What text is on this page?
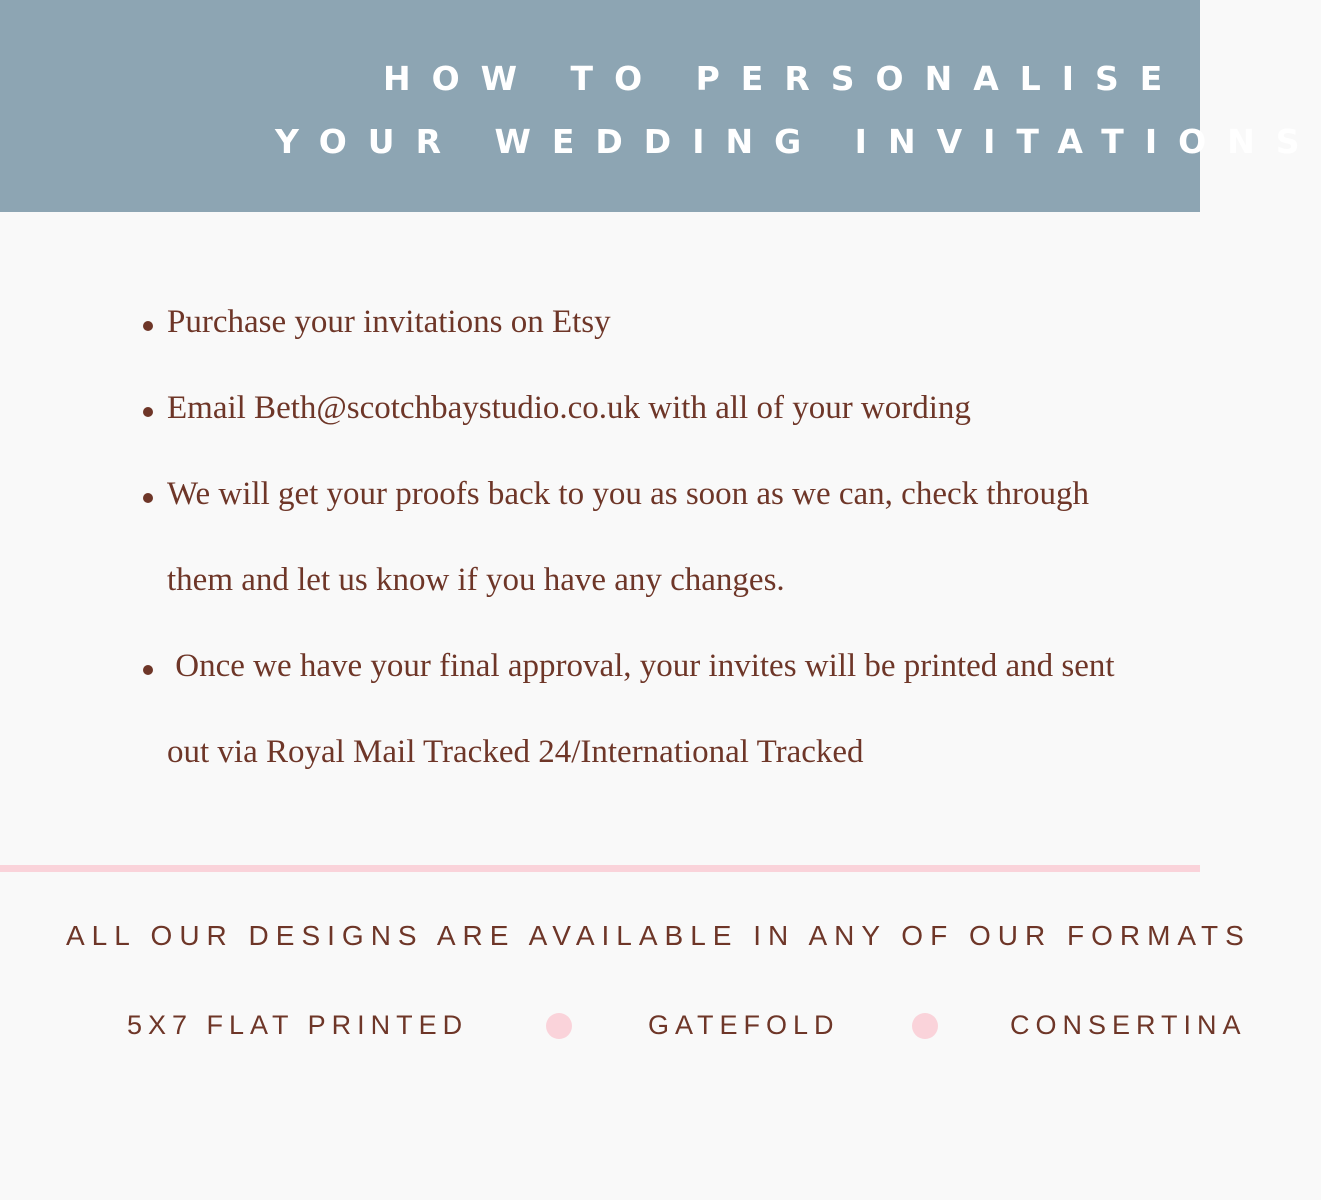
HOW TO PERSONALISE
YOUR WEDDING INVITATIONS
Purchase your invitations on Etsy
Email Beth@scotchbaystudio.co.uk with all of your wording
We will get your proofs back to you as soon as we can, check through
them and let us know if you have any changes.
Once we have your final approval, your invites will be printed and sent
out via Royal Mail Tracked 24/International Tracked
ALL OUR DESIGNS ARE AVAILABLE IN ANY OF OUR FORMATS
5X7 FLAT PRINTED	GATEFOLD	CONSERTINA
